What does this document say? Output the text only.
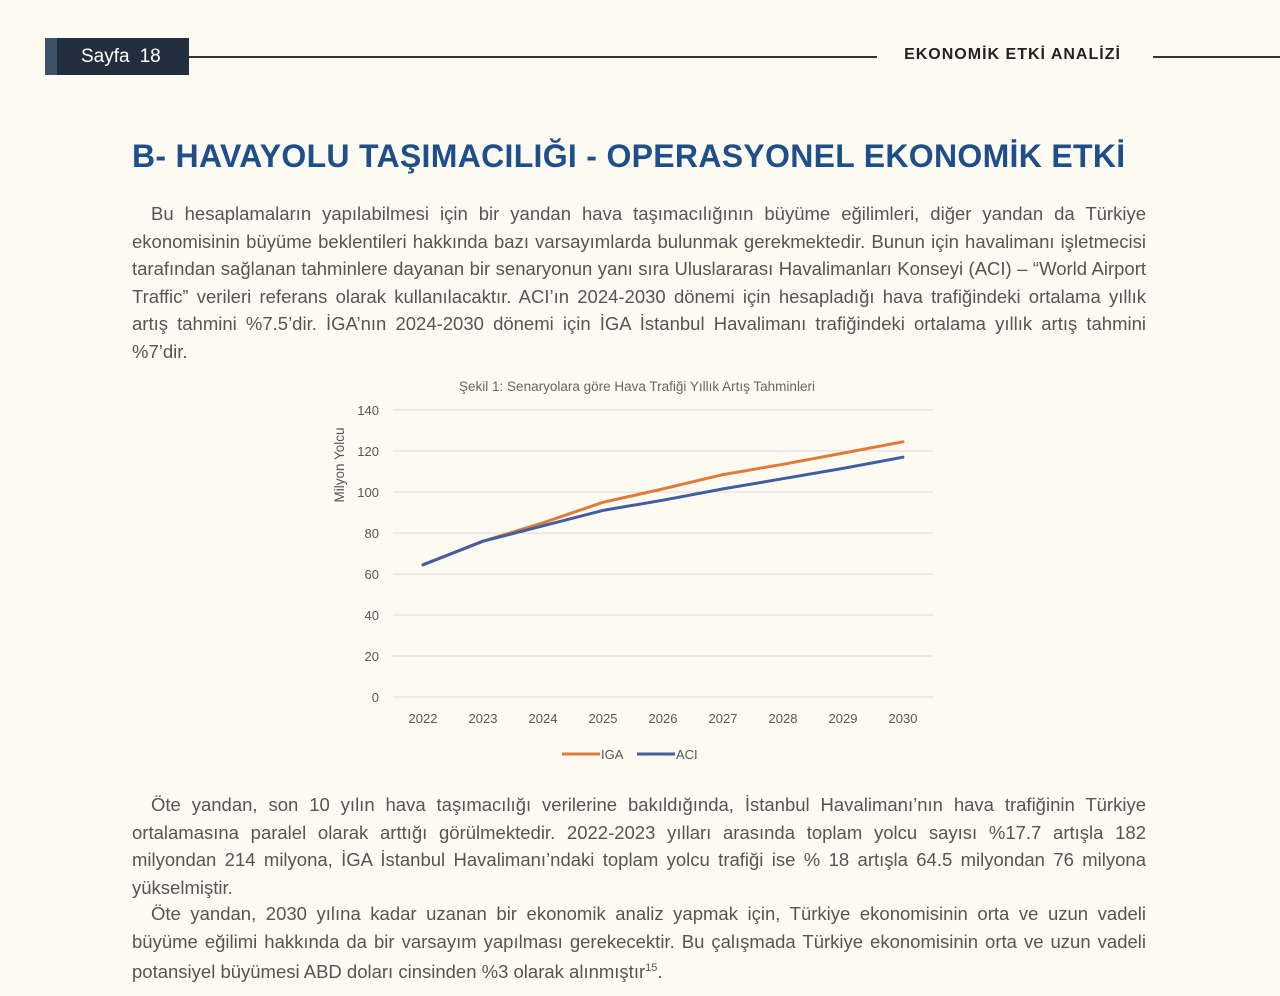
Sayfa 18	EKONOMİK ETKİ ANALİZİ
B- HAVAYOLU TAŞIMACILIĞI - OPERASYONEL EKONOMİK ETKİ

Bu hesaplamaların yapılabilmesi için bir yandan hava taşımacılığının büyüme eğilimleri, diğer yandan da Türkiye ekonomisinin büyüme beklentileri hakkında bazı varsayımlarda bulunmak gerekmektedir. Bunun için havalimanı işletmecisi tarafından sağlanan tahminlere dayanan bir senaryonun yanı sıra Uluslararası Havalimanları Konseyi (ACI) – “World Airport Traffic” verileri referans olarak kullanılacaktır. ACI’ın 2024-2030 dönemi için hesapladığı hava trafiğindeki ortalama yıllık artış tahmini %7.5’dir. İGA’nın 2024-2030 dönemi için İGA İstanbul Havalimanı trafiğindeki ortalama yıllık artış tahmini %7’dir.

Şekil 1: Senaryolara göre Hava Trafiği Yıllık Artış Tahminleri
Milyon Yolcu
0
20
40
60
80
100
120
140
2022 2023 2024 2025 2026 2027 2028 2029 2030
IGA	ACI

Öte yandan, son 10 yılın hava taşımacılığı verilerine bakıldığında, İstanbul Havalimanı’nın hava trafiğinin Türkiye ortalamasına paralel olarak arttığı görülmektedir. 2022-2023 yılları arasında toplam yolcu sayısı %17.7 artışla 182 milyondan 214 milyona, İGA İstanbul Havalimanı’ndaki toplam yolcu trafiği ise % 18 artışla 64.5 milyondan 76 milyona yükselmiştir.

Öte yandan, 2030 yılına kadar uzanan bir ekonomik analiz yapmak için, Türkiye ekonomisinin orta ve uzun vadeli büyüme eğilimi hakkında da bir varsayım yapılması gerekecektir. Bu çalışmada Türkiye ekonomisinin orta ve uzun vadeli potansiyel büyümesi ABD doları cinsinden %3 olarak alınmıştır$^{15}$.
